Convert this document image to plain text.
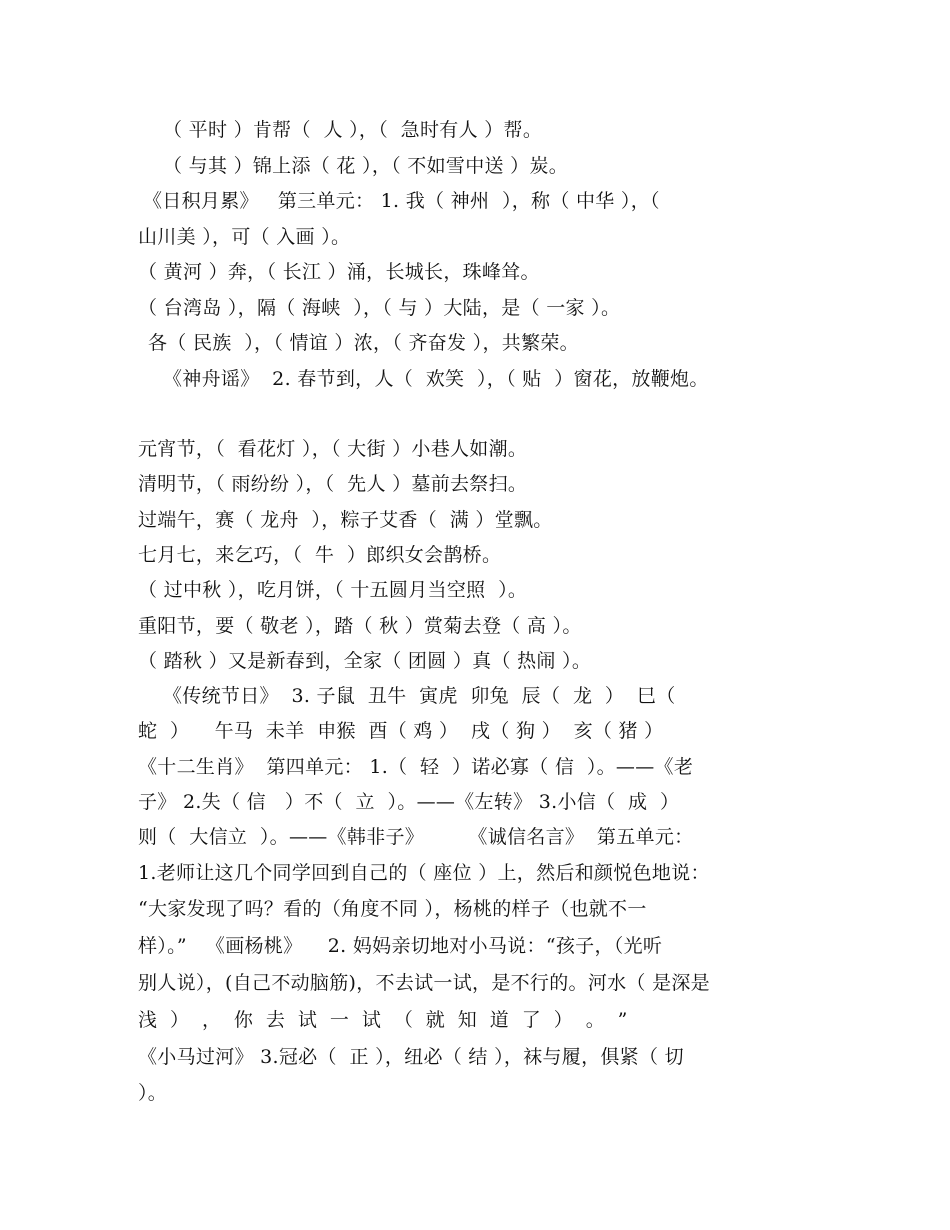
（ 平时 ）肯帮（  人 ），（  急时有人 ）帮。
（ 与其 ）锦上添（ 花 ），（ 不如雪中送 ）炭。
《日积月累》   第三单元： 1. 我（ 神州  ），称（ 中华 ），（
山川美 ），可（ 入画 ）。
（ 黄河 ）奔，（ 长江 ）涌，长城长，珠峰耸。
（ 台湾岛 ），隔（ 海峡  ），（ 与 ）大陆，是（ 一家 ）。
各（ 民族  ），（ 情谊 ）浓，（ 齐奋发 ），共繁荣。
《神舟谣》  2. 春节到，人（  欢笑  ），（ 贴  ）窗花，放鞭炮。
元宵节，（  看花灯 ），（ 大街 ）小巷人如潮。
清明节，（ 雨纷纷 ），（  先人 ）墓前去祭扫。
过端午，赛（ 龙舟  ），粽子艾香（  满 ）堂飘。
七月七，来乞巧，（  牛  ）郎织女会鹊桥。
（ 过中秋 ），吃月饼，（ 十五圆月当空照  ）。
重阳节，要（ 敬老 ），踏（ 秋 ）赏菊去登（ 高 ）。
（ 踏秋 ）又是新春到，全家（ 团圆 ）真（ 热闹 ）。
《传统节日》  3. 子鼠  丑牛  寅虎  卯兔  辰（  龙  ）  巳（
蛇  ）    午马  未羊  申猴  酉（ 鸡 ）  戌（ 狗 ）  亥（ 猪 ）
《十二生肖》  第四单元： 1.（  轻  ）诺必寡（ 信  ）。——《老
子》 2.失（ 信   ）不（  立  ）。——《左转》 3.小信（  成  ）
则（  大信立  ）。——《韩非子》       《诚信名言》  第五单元：
1.老师让这几个同学回到自己的（ 座位 ）上，然后和颜悦色地说：
“大家发现了吗？看的（角度不同 ），杨桃的样子（也就不一
样）。”   《画杨桃》    2. 妈妈亲切地对小马说：“孩子，（光听
别人说），(自己不动脑筋)，不去试一试，是不行的。河水（ 是深是
浅  ）  ，  你  去  试  一  试  （  就  知  道  了  ）  。  ”
《小马过河》 3.冠必（  正 ），纽必（ 结 ），袜与履，俱紧（ 切
）。
